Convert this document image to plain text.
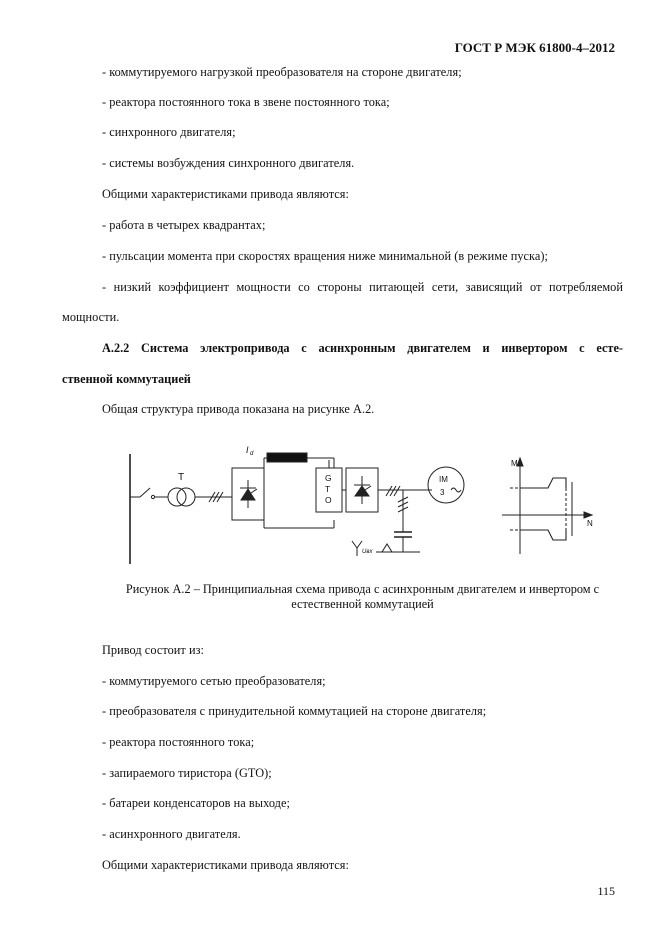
ГОСТ Р МЭК 61800-4–2012
- коммутируемого нагрузкой преобразователя на стороне двигателя;
- реактора постоянного тока в звене постоянного тока;
- синхронного двигателя;
- системы возбуждения синхронного двигателя.
Общими характеристиками привода являются:
- работа в четырех квадрантах;
- пульсации момента при скоростях вращения ниже минимальной (в режиме пуска);
- низкий коэффициент мощности со стороны питающей сети, зависящий от потребляемой
мощности.
А.2.2 Система электропривода с асинхронным двигателем и инвертором с есте-
ственной коммутацией
Общая структура привода показана на рисунке А.2.
T
I d
G
T
O
IM
3
M
N
Uвх
Рисунок А.2 – Принципиальная схема привода с асинхронным двигателем и инвертором с естественной коммутацией
Привод состоит из:
- коммутируемого сетью преобразователя;
- преобразователя с принудительной коммутацией на стороне двигателя;
- реактора постоянного тока;
- запираемого тиристора (GTO);
- батареи конденсаторов на выходе;
- асинхронного двигателя.
Общими характеристиками привода являются:
115
